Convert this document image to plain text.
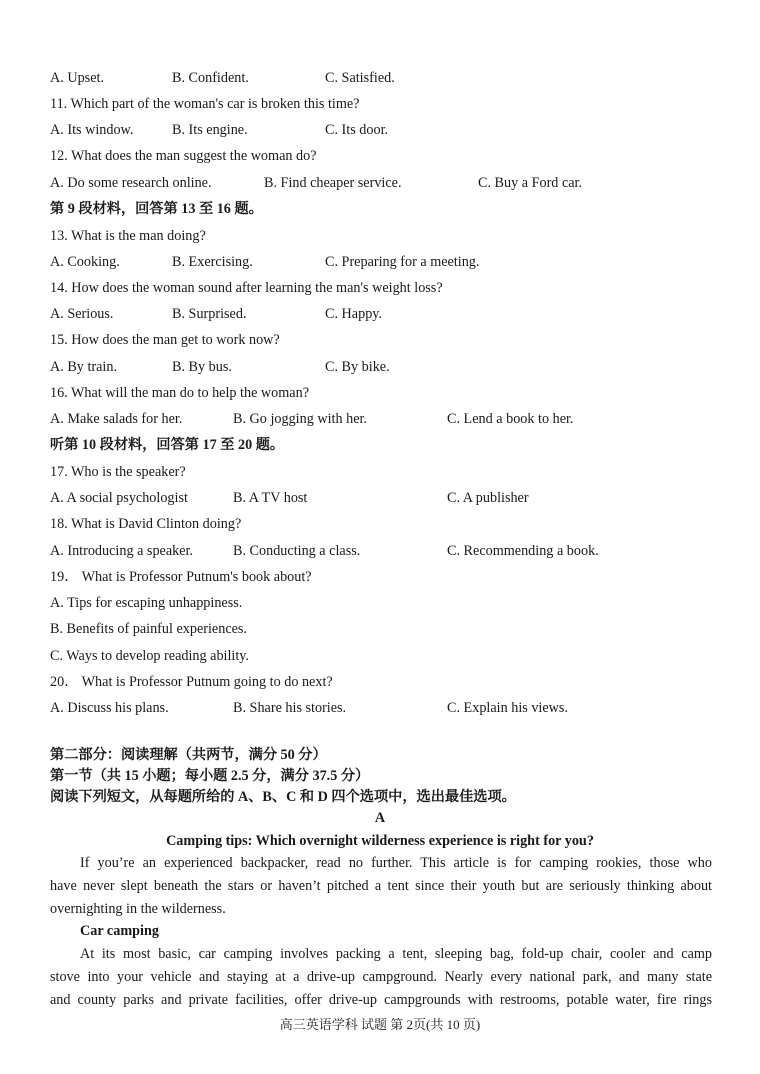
A. Upset.	B. Confident.	C. Satisfied.
11. Which part of the woman's car is broken this time?
A. Its window.	B. Its engine.	C. Its door.
12. What does the man suggest the woman do?
A. Do some research online.	B. Find cheaper service.	C. Buy a Ford car.
第 9 段材料，回答第 13 至 16 题。
13. What is the man doing?
A. Cooking.	B. Exercising.	C. Preparing for a meeting.
14. How does the woman sound after learning the man's weight loss?
A. Serious.	B. Surprised.	C. Happy.
15. How does the man get to work now?
A. By train.	B. By bus.	C. By bike.
16. What will the man do to help the woman?
A. Make salads for her.	B. Go jogging with her.	C. Lend a book to her.
听第 10 段材料，回答第 17 至 20 题。
17. Who is the speaker?
A. A social psychologist	B. A TV host	C. A publisher
18. What is David Clinton doing?
A. Introducing a speaker.	B. Conducting a class.	C. Recommending a book.
19． What is Professor Putnum's book about?
A. Tips for escaping unhappiness.
B. Benefits of painful experiences.
C. Ways to develop reading ability.
20． What is Professor Putnum going to do next?
A. Discuss his plans.	B. Share his stories.	C. Explain his views.
第二部分：阅读理解（共两节，满分 50 分）
第一节（共 15 小题；每小题 2.5 分，满分 37.5 分）
阅读下列短文，从每题所给的 A、B、C 和 D 四个选项中，选出最佳选项。
A
Camping tips: Which overnight wilderness experience is right for you?
If you’re an experienced backpacker, read no further. This article is for camping rookies, those who
have never slept beneath the stars or haven’t pitched a tent since their youth but are seriously thinking about
overnighting in the wilderness.
Car camping
At its most basic, car camping involves packing a tent, sleeping bag, fold-up chair, cooler and camp
stove into your vehicle and staying at a drive-up campground. Nearly every national park, and many state
and county parks and private facilities, offer drive-up campgrounds with restrooms, potable water, fire rings
高三英语学科 试题 第 2页(共 10 页)
